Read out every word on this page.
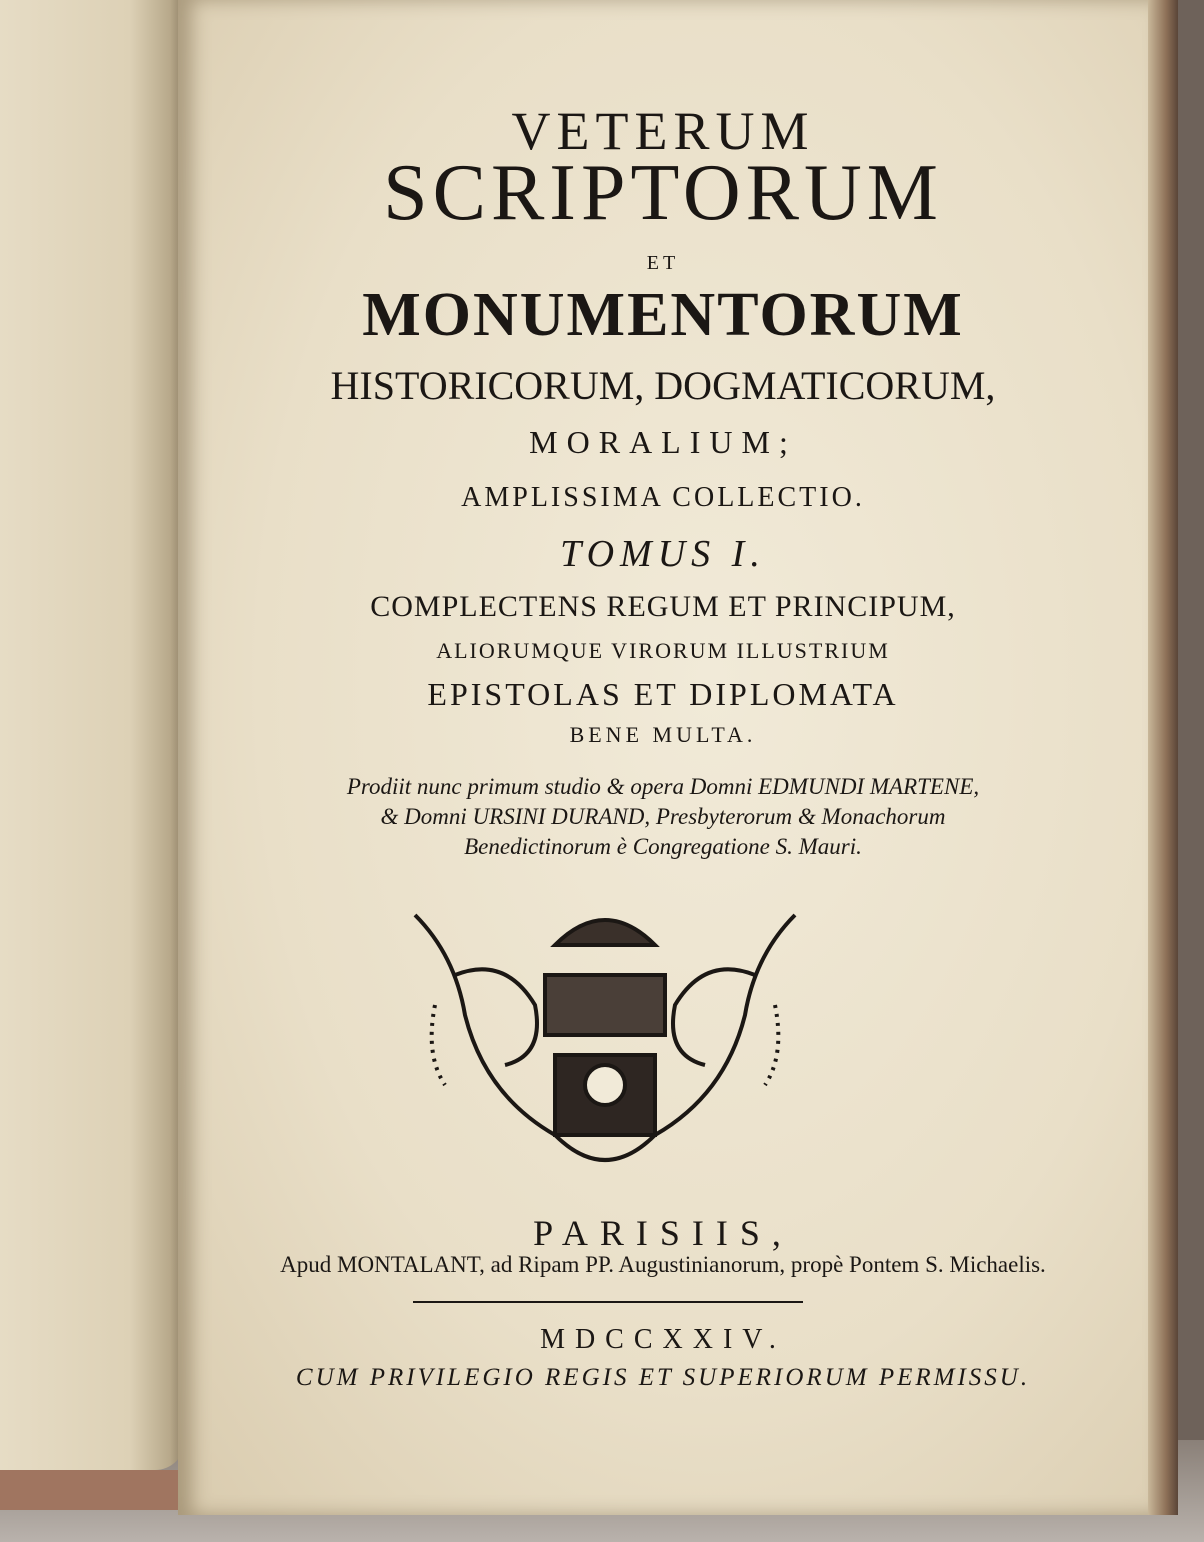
VETERUM
SCRIPTORUM
ET
MONUMENTORUM
HISTORICORUM, DOGMATICORUM,
MORALIUM;
AMPLISSIMA COLLECTIO.
TOMUS I.
COMPLECTENS REGUM ET PRINCIPUM,
ALIORUMQUE VIRORUM ILLUSTRIUM
EPISTOLAS ET DIPLOMATA
BENE MULTA.
Prodiit nunc primum studio & opera Domni EDMUNDI MARTENE,
& Domni URSINI DURAND, Presbyterorum & Monachorum
Benedictinorum è Congregatione S. Mauri.
PARISIIS,
Apud MONTALANT, ad Ripam PP. Augustinianorum, propè Pontem S. Michaelis.
MDCCXXIV.
CUM PRIVILEGIO REGIS ET SUPERIORUM PERMISSU.
